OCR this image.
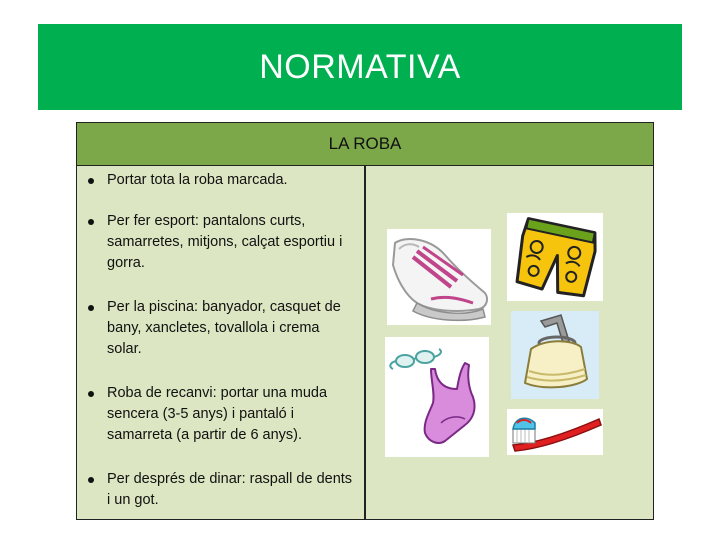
NORMATIVA
LA ROBA
Portar tota la roba marcada.
Per fer esport: pantalons curts, samarretes, mitjons, calçat esportiu i gorra.
Per la piscina: banyador, casquet de bany, xancletes, tovallola i crema solar.
Roba de recanvi: portar una muda sencera (3-5 anys) i pantaló i samarreta (a partir de 6 anys).
Per després de dinar: raspall de dents i un got.
